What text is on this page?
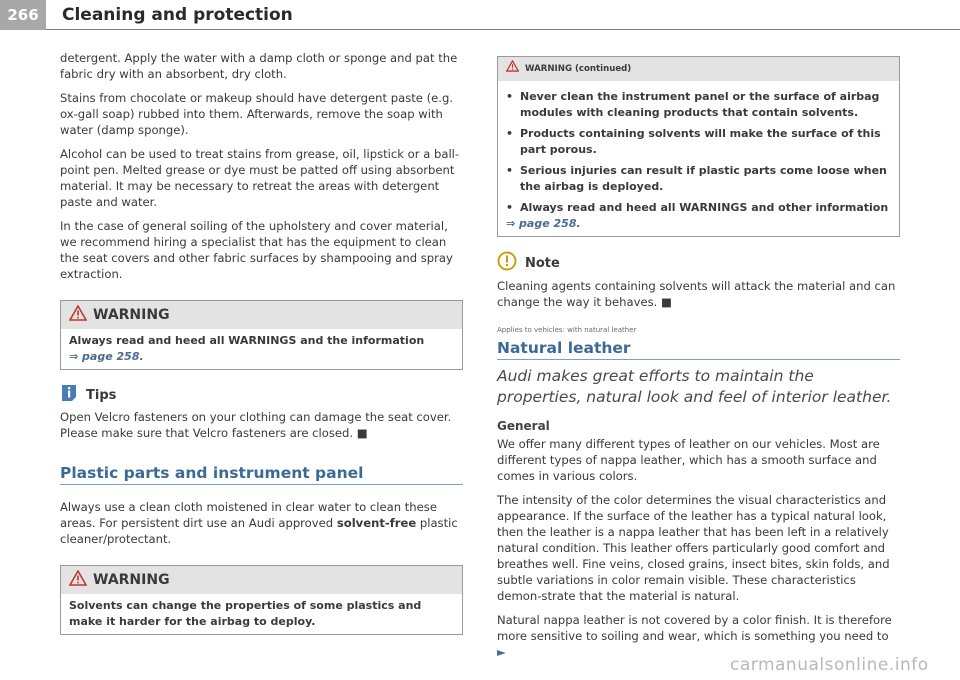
266	Cleaning and protection

detergent. Apply the water with a damp cloth or sponge and pat the fabric dry with an absorbent, dry cloth.

Stains from chocolate or makeup should have detergent paste (e.g. ox-gall soap) rubbed into them. Afterwards, remove the soap with water (damp sponge).

Alcohol can be used to treat stains from grease, oil, lipstick or a ball-point pen. Melted grease or dye must be patted off using absorbent material. It may be necessary to retreat the areas with detergent paste and water.

In the case of general soiling of the upholstery and cover material, we recommend hiring a specialist that has the equipment to clean the seat covers and other fabric surfaces by shampooing and spray extraction.

WARNING
Always read and heed all WARNINGS and the information
⇒ page 258.
Tips

Open Velcro fasteners on your clothing can damage the seat cover. Please make sure that Velcro fasteners are closed. ■

Plastic parts and instrument panel

Always use a clean cloth moistened in clear water to clean these areas. For persistent dirt use an Audi approved solvent-free plastic cleaner/protectant.

WARNING
Solvents can change the properties of some plastics and make it harder for the airbag to deploy.
WARNING (continued)
• Never clean the instrument panel or the surface of airbag modules with cleaning products that contain solvents.
• Products containing solvents will make the surface of this part porous.
• Serious injuries can result if plastic parts come loose when the airbag is deployed.
• Always read and heed all WARNINGS and other information
⇒ page 258.
Note

Cleaning agents containing solvents will attack the material and can change the way it behaves. ■

Applies to vehicles: with natural leather
Natural leather
Audi makes great efforts to maintain the properties, natural look and feel of interior leather.
General

We offer many different types of leather on our vehicles. Most are different types of nappa leather, which has a smooth surface and comes in various colors.

The intensity of the color determines the visual characteristics and appearance. If the surface of the leather has a typical natural look, then the leather is a nappa leather that has been left in a relatively natural condition. This leather offers particularly good comfort and breathes well. Fine veins, closed grains, insect bites, skin folds, and subtle variations in color remain visible. These characteristics demon-strate that the material is natural.

Natural nappa leather is not covered by a color finish. It is therefore more sensitive to soiling and wear, which is something you need to ►

carmanualsonline.info
